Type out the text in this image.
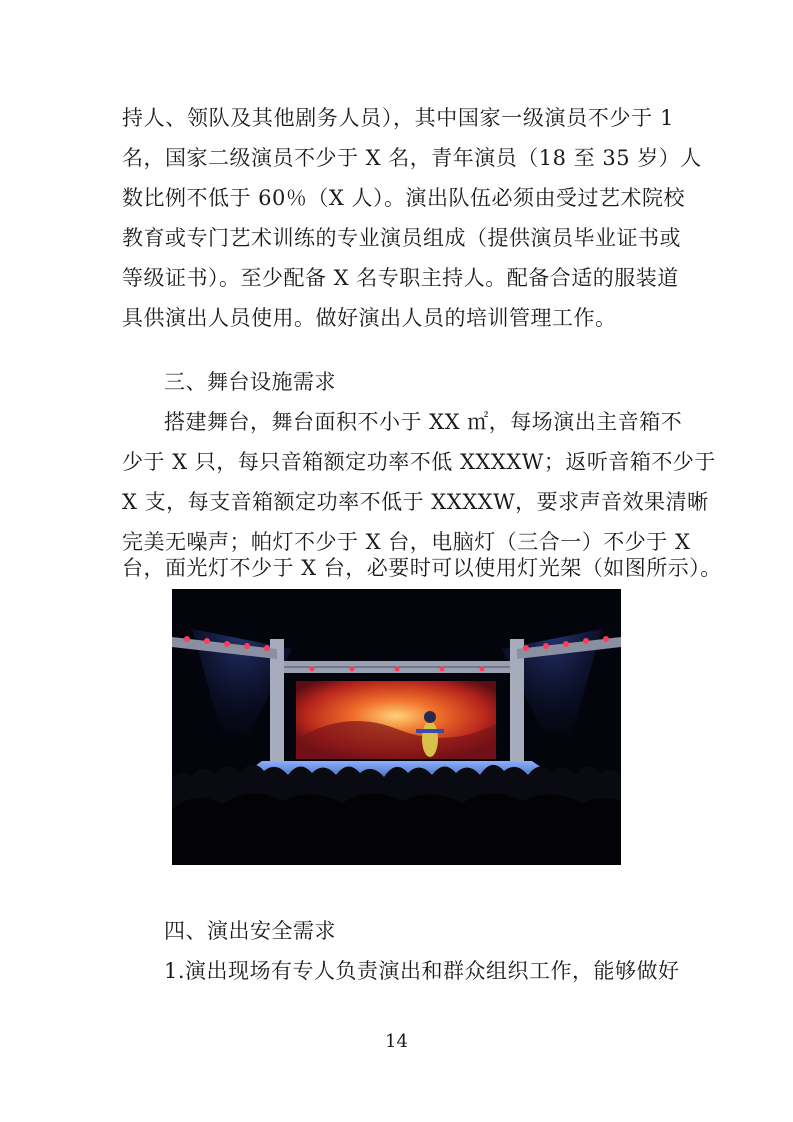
持人、领队及其他剧务人员），其中国家一级演员不少于 1
名，国家二级演员不少于 X 名，青年演员（18 至 35 岁）人
数比例不低于 60％（X 人）。演出队伍必须由受过艺术院校
教育或专门艺术训练的专业演员组成（提供演员毕业证书或
等级证书）。至少配备 X 名专职主持人。配备合适的服装道
具供演出人员使用。做好演出人员的培训管理工作。
三、舞台设施需求
搭建舞台，舞台面积不小于 XX ㎡，每场演出主音箱不
少于 X 只，每只音箱额定功率不低 XXXXW；返听音箱不少于
X 支，每支音箱额定功率不低于 XXXXW，要求声音效果清晰
完美无噪声；帕灯不少于 X 台，电脑灯（三合一）不少于 X
台，面光灯不少于 X 台，必要时可以使用灯光架（如图所示）。
四、演出安全需求
1.演出现场有专人负责演出和群众组织工作，能够做好
14
